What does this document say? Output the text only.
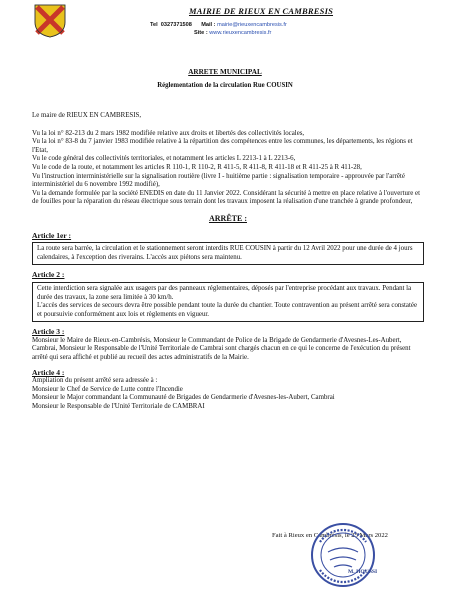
MAIRIE DE RIEUX EN CAMBRESIS
Tel 0327371508 Mail : mairie@rieuxencambresis.fr
Site : www.rieuxencambresis.fr
ARRETE MUNICIPAL
Réglementation de la circulation Rue COUSIN

Le maire de RIEUX EN CAMBRESIS,

Vu la loi n° 82-213 du 2 mars 1982 modifiée relative aux droits et libertés des collectivités locales,

Vu la loi n° 83-8 du 7 janvier 1983 modifiée relative à la répartition des compétences entre les communes, les départements, les régions et l'Etat,

Vu le code général des collectivités territoriales, et notamment les articles L 2213-1 à L 2213-6,

Vu le code de la route, et notamment les articles R 110-1, R 110-2, R 411-5, R 411-8, R 411-18 et R 411-25 à R 411-28,

Vu l'instruction interministérielle sur la signalisation routière (livre I - huitième partie : signalisation temporaire - approuvée par l'arrêté interministériel du 6 novembre 1992 modifié),

Vu la demande formulée par la société ENEDIS en date du 11 Janvier 2022. Considérant la sécurité à mettre en place relative à l'ouverture et de fouilles pour la réparation du réseau électrique sous terrain dont les travaux imposent la réalisation d'une tranchée à grande profondeur,

ARRÊTE :

Article 1er :

La route sera barrée, la circulation et le stationnement seront interdits RUE COUSIN à partir du 12 Avril 2022 pour une durée de 4 jours calendaires, à l'exception des riverains. L'accès aux piétons sera maintenu.

Article 2 :

Cette interdiction sera signalée aux usagers par des panneaux réglementaires, déposés par l'entreprise procédant aux travaux. Pendant la durée des travaux, la zone sera limitée à 30 km/h.

L'accès des services de secours devra être possible pendant toute la durée du chantier. Toute contravention au présent arrêté sera constatée et poursuivie conformément aux lois et règlements en vigueur.

Article 3 :

Monsieur le Maire de Rieux-en-Cambrésis, Monsieur le Commandant de Police de la Brigade de Gendarmerie d'Avesnes-Les-Aubert, Cambrai, Monsieur le Responsable de l'Unité Territoriale de Cambrai sont chargés chacun en ce qui le concerne de l'exécution du présent arrêté qui sera affiché et publié au recueil des actes administratifs de la Mairie.

Article 4 :

Ampliation du présent arrêté sera adressée à :

Monsieur le Chef de Service de Lutte contre l'Incendie

Monsieur le Major commandant la Communauté de Brigades de Gendarmerie d'Avesnes-les-Aubert, Cambrai

Monsieur le Responsable de l'Unité Territoriale de CAMBRAI

Fait à Rieux en Cambrésis, le 25 Mars 2022
M. HOUSSI
